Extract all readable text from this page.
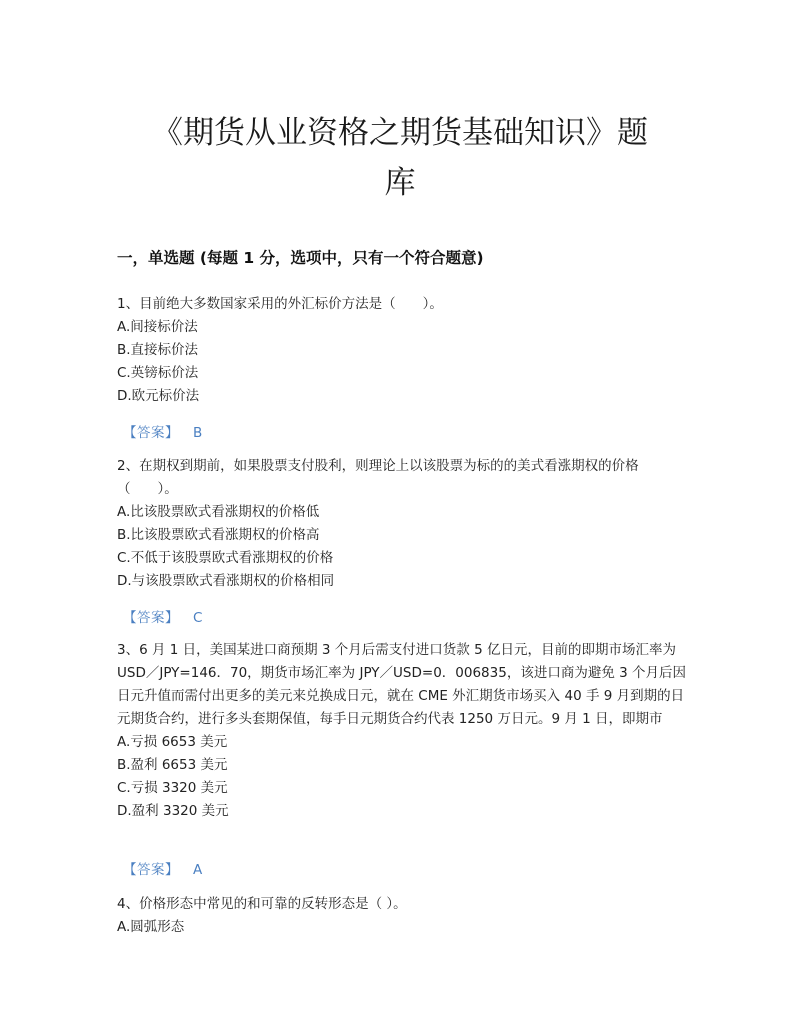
《期货从业资格之期货基础知识》题
库
一，单选题 (每题 1 分，选项中，只有一个符合题意)

1、目前绝大多数国家采用的外汇标价方法是（　　）。

A.间接标价法

B.直接标价法

C.英镑标价法

D.欧元标价法

【答案】 B

2、在期权到期前，如果股票支付股利，则理论上以该股票为标的的美式看涨期权的价格（　　）。

A.比该股票欧式看涨期权的价格低

B.比该股票欧式看涨期权的价格高

C.不低于该股票欧式看涨期权的价格

D.与该股票欧式看涨期权的价格相同

【答案】 C

3、6 月 1 日，美国某进口商预期 3 个月后需支付进口货款 5 亿日元，目前的即期市场汇率为 USD／JPY=146．70，期货市场汇率为 JPY／USD=0．006835，该进口商为避免 3 个月后因日元升值而需付出更多的美元来兑换成日元，就在 CME 外汇期货市场买入 40 手 9 月到期的日元期货合约，进行多头套期保值，每手日元期货合约代表 1250 万日元。9 月 1 日，即期市

A.亏损 6653 美元

B.盈利 6653 美元

C.亏损 3320 美元

D.盈利 3320 美元

【答案】 A

4、价格形态中常见的和可靠的反转形态是（ ）。

A.圆弧形态
